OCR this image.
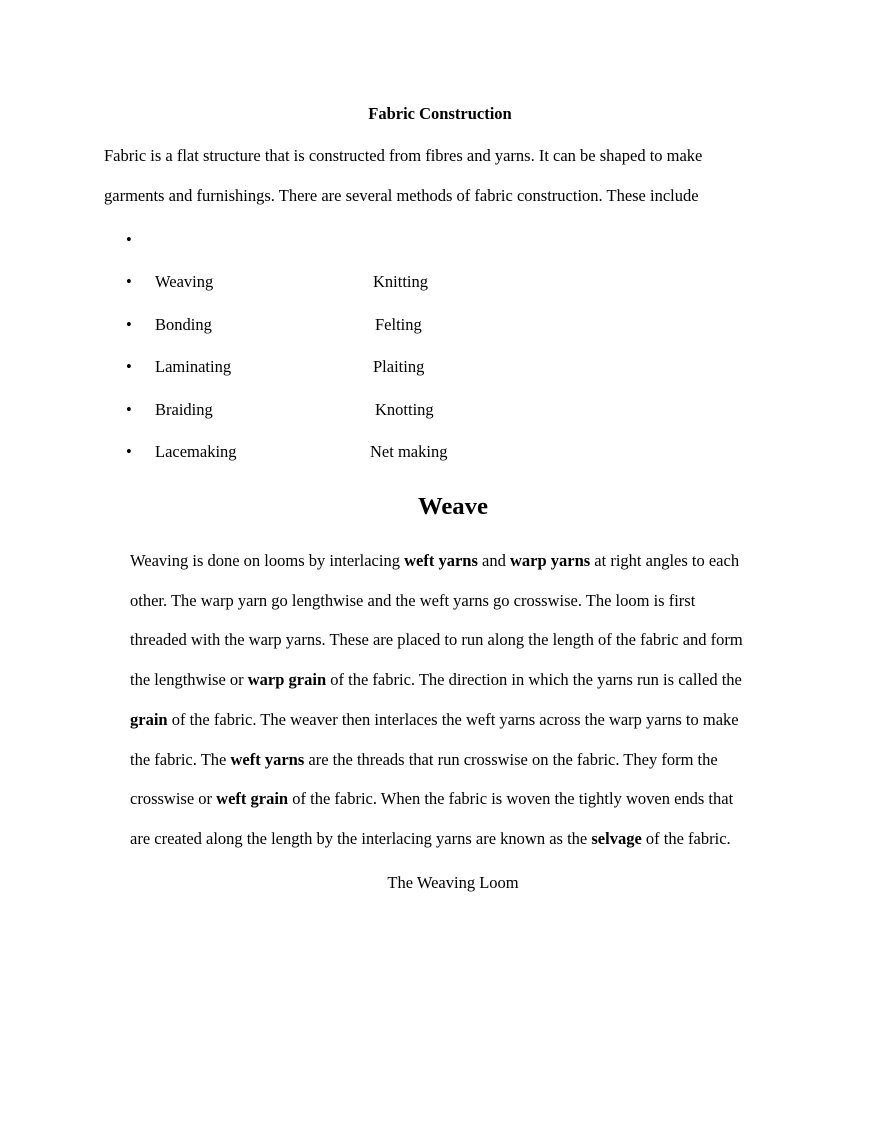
Fabric Construction

Fabric is a flat structure that is constructed from fibres and yarns. It can be shaped to make
garments and furnishings. There are several methods of fabric construction. These include

•
• Weaving	Knitting
• Bonding	Felting
• Laminating	Plaiting
• Braiding	Knotting
• Lacemaking	Net making
Weave

Weaving is done on looms by interlacing weft yarns and warp yarns at right angles to each
other. The warp yarn go lengthwise and the weft yarns go crosswise. The loom is first
threaded with the warp yarns. These are placed to run along the length of the fabric and form
the lengthwise or warp grain of the fabric. The direction in which the yarns run is called the
grain of the fabric. The weaver then interlaces the weft yarns across the warp yarns to make
the fabric. The weft yarns are the threads that run crosswise on the fabric. They form the
crosswise or weft grain of the fabric. When the fabric is woven the tightly woven ends that
are created along the length by the interlacing yarns are known as the selvage of the fabric.

The Weaving Loom
